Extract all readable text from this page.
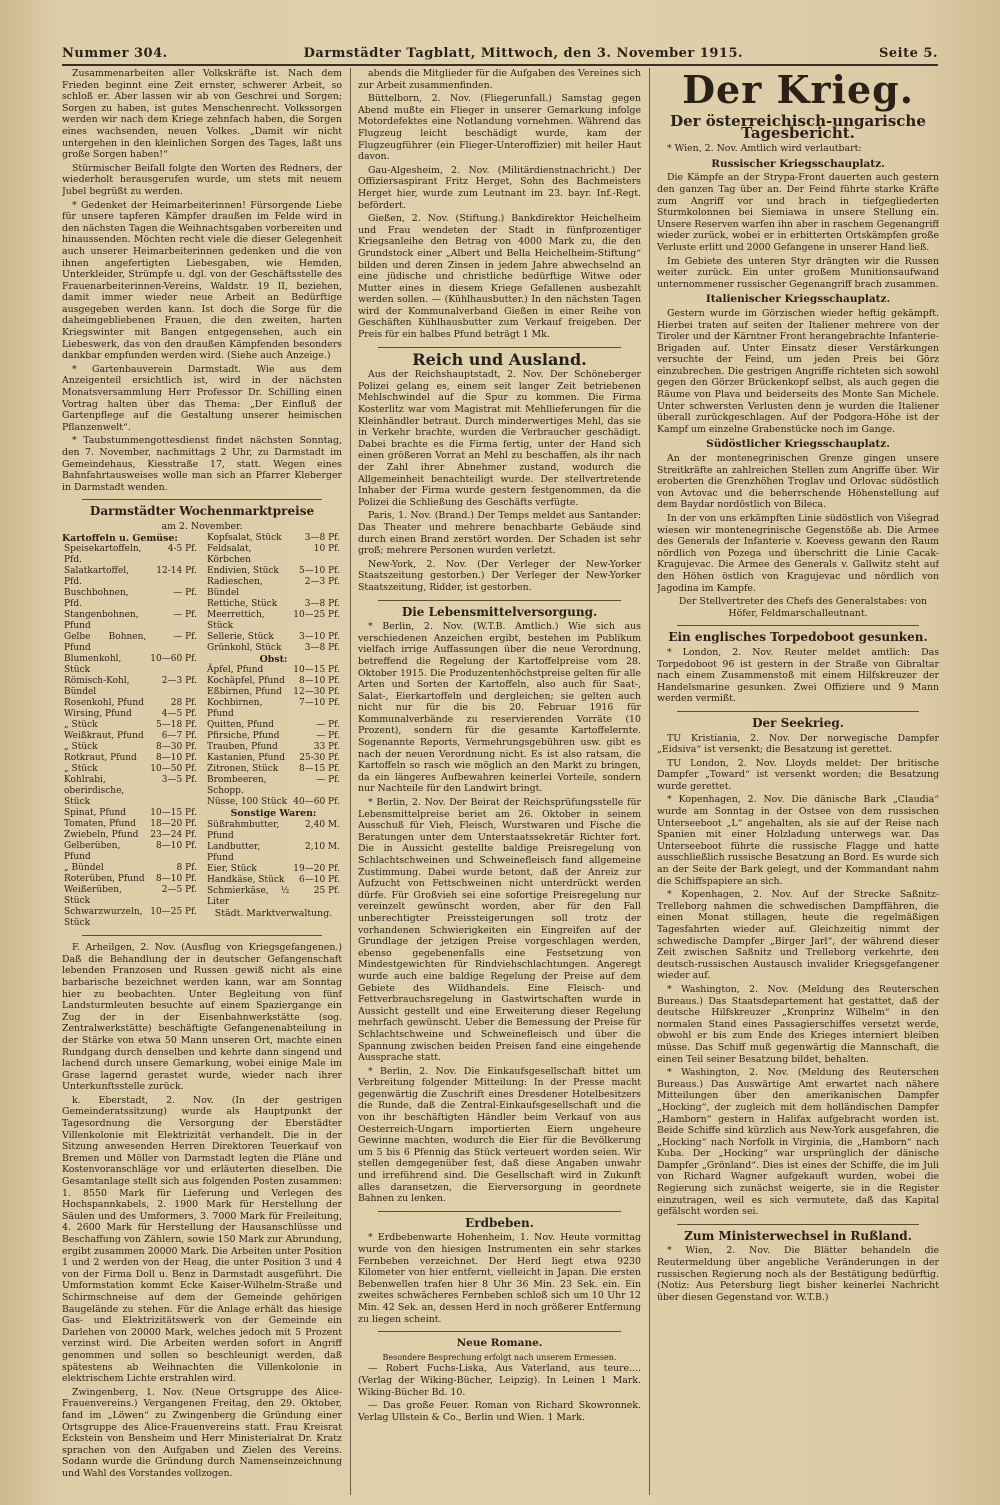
Nummer 304.	Darmstädter Tagblatt, Mittwoch, den 3. November 1915.	Seite 5.

Zusammenarbeiten aller Volkskräfte ist. Nach dem Frieden beginnt eine Zeit ernster, schwerer Arbeit, so schloß er. Aber lassen wir ab von Geschrei und Sorgen; Sorgen zu haben, ist gutes Menschenrecht. Volkssorgen werden wir nach dem Kriege zehnfach haben, die Sorgen eines wachsenden, neuen Volkes. „Damit wir nicht untergehen in den kleinlichen Sorgen des Tages, laßt uns große Sorgen haben!“

Stürmischer Beifall folgte den Worten des Redners, der wiederholt herausgerufen wurde, um stets mit neuem Jubel begrüßt zu werden.

* Gedenket der Heimarbeiterinnen! Fürsorgende Liebe für unsere tapferen Kämpfer draußen im Felde wird in den nächsten Tagen die Weihnachtsgaben vorbereiten und hinaussenden. Möchten recht viele die dieser Gelegenheit auch unserer Heimarbeiterinnen gedenken und die von ihnen angefertigten Liebesgaben, wie Hemden, Unterkleider, Strümpfe u. dgl. von der Geschäftsstelle des Frauenarbeiterinnen-Vereins, Waldstr. 19 II, beziehen, damit immer wieder neue Arbeit an Bedürftige ausgegeben werden kann. Ist doch die Sorge für die daheimgebliebenen Frauen, die den zweiten, harten Kriegswinter mit Bangen entgegensehen, auch ein Liebeswerk, das von den draußen Kämpfenden besonders dankbar empfunden werden wird. (Siehe auch Anzeige.)

* Gartenbauverein Darmstadt. Wie aus dem Anzeigenteil ersichtlich ist, wird in der nächsten Monatsversammlung Herr Professor Dr. Schilling einen Vortrag halten über das Thema: „Der Einfluß der Gartenpflege auf die Gestaltung unserer heimischen Pflanzenwelt“.

* Taubstummengottesdienst findet nächsten Sonntag, den 7. November, nachmittags 2 Uhr, zu Darmstadt im Gemeindehaus, Kiesstraße 17, statt. Wegen eines Bahnfahrtausweises wolle man sich an Pfarrer Kleberger in Darmstadt wenden.

Darmstädter Wochenmarktpreise
am 2. November.
Kartoffeln u. Gemüse:
Speisekartoffeln, Pfd.	4-5 Pf.
Salatkartoffel, Pfd.	12-14 Pf.
Buschbohnen, Pfd.	— Pf.
Stangenbohnen, Pfund	— Pf.
Gelbe Bohnen, Pfund	— Pf.
Blumenkohl, Stück	10—60 Pf.
Römisch-Kohl, Bündel	2—3 Pf.
Rosenkohl, Pfund	28 Pf.
Wirsing, Pfund	4—5 Pf.
„ Stück	5—18 Pf.
Weißkraut, Pfund	6—7 Pf.
„ Stück	8—30 Pf.
Rotkraut, Pfund	8—10 Pf.
„ Stück	10—50 Pf.
Kohlrabi, oberirdische, Stück	3—5 Pf.
Spinat, Pfund	10—15 Pf.
Tomaten, Pfund	18—20 Pf.
Zwiebeln, Pfund	23—24 Pf.
Gelberüben, Pfund	8—10 Pf.
„ Bündel	8 Pf.
Roterüben, Pfund	8—10 Pf.
Weißerüben, Stück	2—5 Pf.
Schwarzwurzeln, Stück	10—25 Pf.
Kopfsalat, Stück	3—8 Pf.
Feldsalat, Körbchen	10 Pf.
Endivien, Stück	5—10 Pf.
Radieschen, Bündel	2—3 Pf.
Rettiche, Stück	3—8 Pf.
Meerrettich, Stück	10—25 Pf.
Sellerie, Stück	3—10 Pf.
Grünkohl, Stück	3—8 Pf.
Obst:
Äpfel, Pfund	10—15 Pf.
Kochäpfel, Pfund	8—10 Pf.
Eßbirnen, Pfund	12—30 Pf.
Kochbirnen, Pfund	7—10 Pf.
Quitten, Pfund	— Pf.
Pfirsiche, Pfund	— Pf.
Trauben, Pfund	33 Pf.
Kastanien, Pfund	25-30 Pf.
Zitronen, Stück	8—15 Pf.
Brombeeren, Schopp.	— Pf.
Nüsse, 100 Stück	40—60 Pf.
Sonstige Waren:
Süßrahmbutter, Pfund	2,40 M.
Landbutter, Pfund	2,10 M.
Eier, Stück	19—20 Pf.
Handkäse, Stück	6—10 Pf.
Schmierkäse, ½ Liter	25 Pf.
Städt. Marktverwaltung.

F. Arheilgen, 2. Nov. (Ausflug von Kriegsgefangenen.) Daß die Behandlung der in deutscher Gefangenschaft lebenden Franzosen und Russen gewiß nicht als eine barbarische bezeichnet werden kann, war am Sonntag hier zu beobachten. Unter Begleitung von fünf Landsturmleuten besuchte auf einem Spaziergange ein Zug der in der Eisenbahnwerkstätte (sog. Zentralwerkstätte) beschäftigte Gefangenenabteilung in der Stärke von etwa 50 Mann unseren Ort, machte einen Rundgang durch denselben und kehrte dann singend und lachend durch unsere Gemarkung, wobei einige Male im Grase lagernd gerastet wurde, wieder nach ihrer Unterkunftsstelle zurück.

k. Eberstadt, 2. Nov. (In der gestrigen Gemeinderatssitzung) wurde als Hauptpunkt der Tagesordnung die Versorgung der Eberstädter Villenkolonie mit Elektrizität verhandelt. Die in der Sitzung anwesenden Herren Direktoren Teuerkauf von Bremen und Möller von Darmstadt legten die Pläne und Kostenvoranschläge vor und erläuterten dieselben. Die Gesamtanlage stellt sich aus folgenden Posten zusammen: 1. 8550 Mark für Lieferung und Verlegen des Hochspannkabels, 2. 1900 Mark für Herstellung der Säulen und des Umformers, 3. 7000 Mark für Freileitung, 4. 2600 Mark für Herstellung der Hausanschlüsse und Beschaffung von Zählern, sowie 150 Mark zur Abrundung, ergibt zusammen 20000 Mark. Die Arbeiten unter Position 1 und 2 werden von der Heag, die unter Position 3 und 4 von der Firma Doll u. Benz in Darmstadt ausgeführt. Die Umformstation kommt Ecke Kaiser-Wilhelm-Straße und Schirmschneise auf dem der Gemeinde gehörigen Baugelände zu stehen. Für die Anlage erhält das hiesige Gas- und Elektrizitätswerk von der Gemeinde ein Darlehen von 20000 Mark, welches jedoch mit 5 Prozent verzinst wird. Die Arbeiten werden sofort in Angriff genommen und sollen so beschleunigt werden, daß spätestens ab Weihnachten die Villenkolonie in elektrischem Lichte erstrahlen wird.

Zwingenberg, 1. Nov. (Neue Ortsgruppe des Alice-Frauenvereins.) Vergangenen Freitag, den 29. Oktober, fand im „Löwen“ zu Zwingenberg die Gründung einer Ortsgruppe des Alice-Frauenvereins statt. Frau Kreisrat Eckstein von Bensheim und Herr Ministerialrat Dr. Kratz sprachen von den Aufgaben und Zielen des Vereins. Sodann wurde die Gründung durch Namenseinzeichnung und Wahl des Vorstandes vollzogen.

abends die Mitglieder für die Aufgaben des Vereines sich zur Arbeit zusammenfinden.

Büttelborn, 2. Nov. (Fliegerunfall.) Samstag gegen Abend mußte ein Flieger in unserer Gemarkung infolge Motordefektes eine Notlandung vornehmen. Während das Flugzeug leicht beschädigt wurde, kam der Flugzeugführer (ein Flieger-Unteroffizier) mit heiler Haut davon.

Gau-Algesheim, 2. Nov. (Militärdienstnachricht.) Der Offiziersaspirant Fritz Herget, Sohn des Bachmeisters Herget hier, wurde zum Leutnant im 23. bayr. Inf.-Regt. befördert.

Gießen, 2. Nov. (Stiftung.) Bankdirektor Heichelheim und Frau wendeten der Stadt in fünfprozentiger Kriegsanleihe den Betrag von 4000 Mark zu, die den Grundstock einer „Albert und Bella Heichelheim-Stiftung“ bilden und deren Zinsen in jedem Jahre abwechselnd an eine jüdische und christliche bedürftige Witwe oder Mutter eines in diesem Kriege Gefallenen ausbezahlt werden sollen. — (Kühlhausbutter.) In den nächsten Tagen wird der Kommunalverband Gießen in einer Reihe von Geschäften Kühlhausbutter zum Verkauf freigeben. Der Preis für ein halbes Pfund beträgt 1 Mk.

Reich und Ausland.

Aus der Reichshauptstadt, 2. Nov. Der Schöneberger Polizei gelang es, einem seit langer Zeit betriebenen Mehlschwindel auf die Spur zu kommen. Die Firma Kosterlitz war vom Magistrat mit Mehllieferungen für die Kleinhändler betraut. Durch minderwertiges Mehl, das sie in Verkehr brachte, wurden die Verbraucher geschädigt. Dabei brachte es die Firma fertig, unter der Hand sich einen größeren Vorrat an Mehl zu beschaffen, als ihr nach der Zahl ihrer Abnehmer zustand, wodurch die Allgemeinheit benachteiligt wurde. Der stellvertretende Inhaber der Firma wurde gestern festgenommen, da die Polizei die Schließung des Geschäfts verfügte.

Paris, 1. Nov. (Brand.) Der Temps meldet aus Santander: Das Theater und mehrere benachbarte Gebäude sind durch einen Brand zerstört worden. Der Schaden ist sehr groß; mehrere Personen wurden verletzt.

New-York, 2. Nov. (Der Verleger der New-Yorker Staatszeitung gestorben.) Der Verleger der New-Yorker Staatszeitung, Ridder, ist gestorben.

Die Lebensmittelversorgung.

* Berlin, 2. Nov. (W.T.B. Amtlich.) Wie sich aus verschiedenen Anzeichen ergibt, bestehen im Publikum vielfach irrige Auffassungen über die neue Verordnung, betreffend die Regelung der Kartoffelpreise vom 28. Oktober 1915. Die Produzentenhöchstpreise gelten für alle Arten und Sorten der Kartoffeln, also auch für Saat-, Salat-, Eierkartoffeln und dergleichen; sie gelten auch nicht nur für die bis 20. Februar 1916 für Kommunalverbände zu reservierenden Vorräte (10 Prozent), sondern für die gesamte Kartoffelernte. Sogenannte Reports, Vermehrungsgebühren usw. gibt es nach der neuen Verordnung nicht. Es ist also ratsam, die Kartoffeln so rasch wie möglich an den Markt zu bringen, da ein längeres Aufbewahren keinerlei Vorteile, sondern nur Nachteile für den Landwirt bringt.

* Berlin, 2. Nov. Der Beirat der Reichsprüfungsstelle für Lebensmittelpreise beriet am 26. Oktober in seinem Ausschuß für Vieh, Fleisch, Wurstwaren und Fische die Beratungen unter dem Unterstaatssekretär Richter fort. Die in Aussicht gestellte baldige Preisregelung von Schlachtschweinen und Schweinefleisch fand allgemeine Zustimmung. Dabei wurde betont, daß der Anreiz zur Aufzucht von Fettschweinen nicht unterdrückt werden dürfe. Für Großvieh sei eine sofortige Preisregelung nur vereinzelt gewünscht worden, aber für den Fall unberechtigter Preissteigerungen soll trotz der vorhandenen Schwierigkeiten ein Eingreifen auf der Grundlage der jetzigen Preise vorgeschlagen werden, ebenso gegebenenfalls eine Festsetzung von Mindestgewichten für Rindviehschlachtungen. Angeregt wurde auch eine baldige Regelung der Preise auf dem Gebiete des Wildhandels. Eine Fleisch- und Fettverbrauchsregelung in Gastwirtschaften wurde in Aussicht gestellt und eine Erweiterung dieser Regelung mehrfach gewünscht. Ueber die Bemessung der Preise für Schlachtschweine und Schweinefleisch und über die Spannung zwischen beiden Preisen fand eine eingehende Aussprache statt.

* Berlin, 2. Nov. Die Einkaufsgesellschaft bittet um Verbreitung folgender Mitteilung: In der Presse macht gegenwärtig die Zuschrift eines Dresdener Hotelbesitzers die Runde, daß die Zentral-Einkaufsgesellschaft und die von ihr beschäftigten Händler beim Verkauf von aus Oesterreich-Ungarn importierten Eiern ungeheure Gewinne machten, wodurch die Eier für die Bevölkerung um 5 bis 6 Pfennig das Stück verteuert worden seien. Wir stellen demgegenüber fest, daß diese Angaben unwahr und irreführend sind. Die Gesellschaft wird in Zukunft alles daransetzen, die Eierversorgung in geordnete Bahnen zu lenken.

Erdbeben.

* Erdbebenwarte Hohenheim, 1. Nov. Heute vormittag wurde von den hiesigen Instrumenten ein sehr starkes Fernbeben verzeichnet. Der Herd liegt etwa 9230 Kilometer von hier entfernt, vielleicht in Japan. Die ersten Bebenwellen trafen hier 8 Uhr 36 Min. 23 Sek. ein. Ein zweites schwächeres Fernbeben schloß sich um 10 Uhr 12 Min. 42 Sek. an, dessen Herd in noch größerer Entfernung zu liegen scheint.

Neue Romane.
Besondere Besprechung erfolgt nach unserem Ermessen.

— Robert Fuchs-Liska, Aus Vaterland, aus teure.... (Verlag der Wiking-Bücher, Leipzig). In Leinen 1 Mark. Wiking-Bücher Bd. 10.

— Das große Feuer. Roman von Richard Skowronnek. Verlag Ullstein & Co., Berlin und Wien. 1 Mark.

Der Krieg.
Der österreichisch-ungarische Tagesbericht.

* Wien, 2. Nov. Amtlich wird verlautbart:

Russischer Kriegsschauplatz.

Die Kämpfe an der Strypa-Front dauerten auch gestern den ganzen Tag über an. Der Feind führte starke Kräfte zum Angriff vor und brach in tiefgegliederten Sturmkolonnen bei Siemiawa in unsere Stellung ein. Unsere Reserven warfen ihn aber in raschem Gegenangriff wieder zurück, wobei er in erbitterten Ortskämpfen große Verluste erlitt und 2000 Gefangene in unserer Hand ließ.

Im Gebiete des unteren Styr drängten wir die Russen weiter zurück. Ein unter großem Munitionsaufwand unternommener russischer Gegenangriff brach zusammen.

Italienischer Kriegsschauplatz.

Gestern wurde im Görzischen wieder heftig gekämpft. Hierbei traten auf seiten der Italiener mehrere von der Tiroler und der Kärntner Front herangebrachte Infanterie-Brigaden auf. Unter Einsatz dieser Verstärkungen versuchte der Feind, um jeden Preis bei Görz einzubrechen. Die gestrigen Angriffe richteten sich sowohl gegen den Görzer Brückenkopf selbst, als auch gegen die Räume von Plava und beiderseits des Monte San Michele. Unter schwersten Verlusten denn je wurden die Italiener überall zurückgeschlagen. Auf der Podgora-Höhe ist der Kampf um einzelne Grabenstücke noch im Gange.

Südöstlicher Kriegsschauplatz.

An der montenegrinischen Grenze gingen unsere Streitkräfte an zahlreichen Stellen zum Angriffe über. Wir eroberten die Grenzhöhen Troglav und Orlovac südöstlich von Avtovac und die beherrschende Höhenstellung auf dem Baydar nordöstlich von Bileca.

In der von uns erkämpften Linie südöstlich von Višegrad wiesen wir montenegrinische Gegenstöße ab. Die Armee des Generals der Infanterie v. Koevess gewann den Raum nördlich von Pozega und überschritt die Linie Cacak-Kragujevac. Die Armee des Generals v. Gallwitz steht auf den Höhen östlich von Kragujevac und nördlich von Jagodina im Kampfe.

Der Stellvertreter des Chefs des Generalstabes: von Höfer, Feldmarschalleutnant.

Ein englisches Torpedoboot gesunken.

* London, 2. Nov. Reuter meldet amtlich: Das Torpedoboot 96 ist gestern in der Straße von Gibraltar nach einem Zusammenstoß mit einem Hilfskreuzer der Handelsmarine gesunken. Zwei Offiziere und 9 Mann werden vermißt.

Der Seekrieg.

TU Kristiania, 2. Nov. Der norwegische Dampfer „Eidsiva“ ist versenkt; die Besatzung ist gerettet.

TU London, 2. Nov. Lloyds meldet: Der britische Dampfer „Toward“ ist versenkt worden; die Besatzung wurde gerettet.

* Kopenhagen, 2. Nov. Die dänische Bark „Claudia“ wurde am Sonntag in der Ostsee von dem russischen Unterseeboot „L“ angehalten, als sie auf der Reise nach Spanien mit einer Holzladung unterwegs war. Das Unterseeboot führte die russische Flagge und hatte ausschließlich russische Besatzung an Bord. Es wurde sich an der Seite der Bark gelegt, und der Kommandant nahm die Schiffspapiere an sich.

* Kopenhagen, 2. Nov. Auf der Strecke Saßnitz-Trelleborg nahmen die schwedischen Dampffähren, die einen Monat stillagen, heute die regelmäßigen Tagesfahrten wieder auf. Gleichzeitig nimmt der schwedische Dampfer „Birger Jarl“, der während dieser Zeit zwischen Saßnitz und Trelleborg verkehrte, den deutsch-russischen Austausch invalider Kriegsgefangener wieder auf.

* Washington, 2. Nov. (Meldung des Reuterschen Bureaus.) Das Staatsdepartement hat gestattet, daß der deutsche Hilfskreuzer „Kronprinz Wilhelm“ in den normalen Stand eines Passagierschiffes versetzt werde, obwohl er bis zum Ende des Krieges interniert bleiben müsse. Das Schiff muß gegenwärtig die Mannschaft, die einen Teil seiner Besatzung bildet, behalten.

* Washington, 2. Nov. (Meldung des Reuterschen Bureaus.) Das Auswärtige Amt erwartet nach nähere Mitteilungen über den amerikanischen Dampfer „Hocking“, der zugleich mit dem holländischen Dampfer „Hamborn“ gestern in Halifax aufgebracht worden ist. Beide Schiffe sind kürzlich aus New-York ausgefahren, die „Hocking“ nach Norfolk in Virginia, die „Hamborn“ nach Kuba. Der „Hocking“ war ursprünglich der dänische Dampfer „Grönland“. Dies ist eines der Schiffe, die im Juli von Richard Wagner aufgekauft wurden, wobei die Regierung sich zunächst weigerte, sie in die Register einzutragen, weil es sich vermutete, daß das Kapital gefälscht worden sei.

Zum Ministerwechsel in Rußland.

* Wien, 2. Nov. Die Blätter behandeln die Reutermeldung über angebliche Veränderungen in der russischen Regierung noch als der Bestätigung bedürftig. (Notiz: Aus Petersburg liegt bisher keinerlei Nachricht über diesen Gegenstand vor. W.T.B.)
